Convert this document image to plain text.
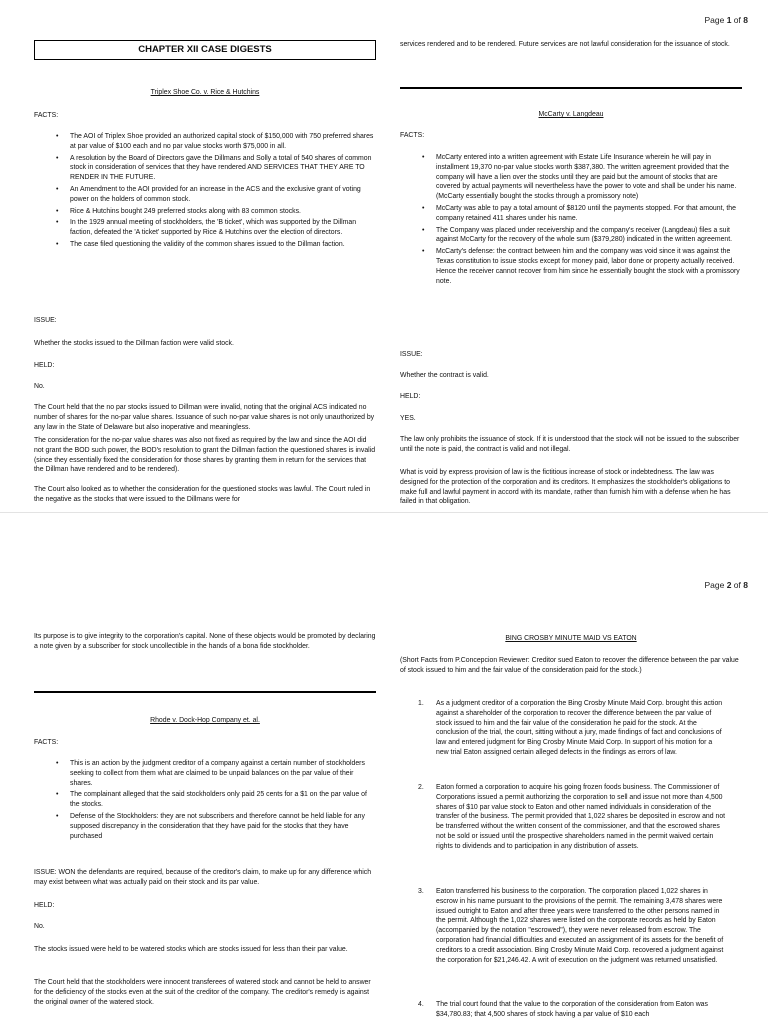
Page 1 of 8
CHAPTER XII CASE DIGESTS
Triplex Shoe Co. v. Rice & Hutchins
FACTS:
• The AOI of Triplex Shoe provided an authorized capital stock of $150,000 with 750 preferred shares at par value of $100 each and no par value stocks worth $75,000 in all.
• A resolution by the Board of Directors gave the Dillmans and Solly a total of 540 shares of common stock in consideration of services that they have rendered AND SERVICES THAT THEY ARE TO RENDER IN THE FUTURE.
• An Amendment to the AOI provided for an increase in the ACS and the exclusive grant of voting power on the holders of common stock.
• Rice & Hutchins bought 249 preferred stocks along with 83 common stocks.
• In the 1929 annual meeting of stockholders, the 'B ticket', which was supported by the Dillman faction, defeated the 'A ticket' supported by Rice & Hutchins over the election of directors.
• The case filed questioning the validity of the common shares issued to the Dillman faction.
ISSUE:
Whether the stocks issued to the Dillman faction were valid stock.
HELD:
No.
The Court held that the no par stocks issued to Dillman were invalid, noting that the original ACS indicated no number of shares for the no-par value shares. Issuance of such no-par value shares is not only unauthorized by any law in the State of Delaware but also inoperative and meaningless.
The consideration for the no-par value shares was also not fixed as required by the law and since the AOI did not grant the BOD such power, the BOD's resolution to grant the Dillman faction the questioned shares is invalid (since they essentially fixed the consideration for those shares by granting them in return for the services that the Dillman have rendered and to be rendered).
The Court also looked as to whether the consideration for the questioned stocks was lawful. The Court ruled in the negative as the stocks that were issued to the Dillmans were for
services rendered and to be rendered. Future services are not lawful consideration for the issuance of stock.
McCarty v. Langdeau
FACTS:
• McCarty entered into a written agreement with Estate Life Insurance wherein he will pay in installment 19,370 no-par value stocks worth $387,380. The written agreement provided that the company will have a lien over the stocks until they are paid but the amount of stocks that are covered by actual payments will nevertheless have the power to vote and shall be under his name. (McCarty essentially bought the stocks through a promissory note)
• McCarty was able to pay a total amount of $8120 until the payments stopped. For that amount, the company retained 411 shares under his name.
• The Company was placed under receivership and the company's receiver (Langdeau) files a suit against McCarty for the recovery of the whole sum ($379,280) indicated in the written agreement.
• McCarty's defense: the contract between him and the company was void since it was against the Texas constitution to issue stocks except for money paid, labor done or property actually received. Hence the receiver cannot recover from him since he essentially bought the stock with a promissory note.
ISSUE:
Whether the contract is valid.
HELD:
YES.
The law only prohibits the issuance of stock. If it is understood that the stock will not be issued to the subscriber until the note is paid, the contract is valid and not illegal.
What is void by express provision of law is the fictitious increase of stock or indebtedness. The law was designed for the protection of the corporation and its creditors. It emphasizes the stockholder's obligations to make full and lawful payment in accord with its mandate, rather than furnish him with a defense when he has failed in that obligation.
Page 2 of 8
Its purpose is to give integrity to the corporation's capital. None of these objects would be promoted by declaring a note given by a subscriber for stock uncollectible in the hands of a bona fide stockholder.
Rhode v. Dock-Hop Company et. al.
FACTS:
• This is an action by the judgment creditor of a company against a certain number of stockholders seeking to collect from them what are claimed to be unpaid balances on the par value of their shares.
• The complainant alleged that the said stockholders only paid 25 cents for a $1 on the par value of the stocks.
• Defense of the Stockholders: they are not subscribers and therefore cannot be held liable for any supposed discrepancy in the consideration that they have paid for the stocks that they have purchased
ISSUE: WON the defendants are required, because of the creditor's claim, to make up for any difference which may exist between what was actually paid on their stock and its par value.
HELD:
No.
The stocks issued were held to be watered stocks which are stocks issued for less than their par value.
The Court held that the stockholders were innocent transferees of watered stock and cannot be held to answer for the deficiency of the stocks even at the suit of the creditor of the company. The creditor's remedy is against the original owner of the watered stock.
BING CROSBY MINUTE MAID VS EATON
(Short Facts from P.Concepcion Reviewer: Creditor sued Eaton to recover the difference between the par value of stock issued to him and the fair value of the consideration paid for the stock.)
1. As a judgment creditor of a corporation the Bing Crosby Minute Maid Corp. brought this action against a shareholder of the corporation to recover the difference between the par value of stock issued to him and the fair value of the consideration he paid for the stock. At the conclusion of the trial, the court, sitting without a jury, made findings of fact and conclusions of law and entered judgment for Bing Crosby Minute Maid Corp. In support of his motion for a new trial Eaton assigned certain alleged defects in the findings as errors of law.
2. Eaton formed a corporation to acquire his going frozen foods business. The Commissioner of Corporations issued a permit authorizing the corporation to sell and issue not more than 4,500 shares of $10 par value stock to Eaton and other named individuals in consideration of the transfer of the business. The permit provided that 1,022 shares be deposited in escrow and not be transferred without the written consent of the commissioner, and that the escrowed shares not be sold or issued until the prospective shareholders named in the permit waived certain rights to dividends and to participation in any distribution of assets.
3. Eaton transferred his business to the corporation. The corporation placed 1,022 shares in escrow in his name pursuant to the provisions of the permit. The remaining 3,478 shares were issued outright to Eaton and after three years were transferred to the other persons named in the permit. Although the 1,022 shares were listed on the corporate records as held by Eaton (accompanied by the notation "escrowed"), they were never released from escrow. The corporation had financial difficulties and executed an assignment of its assets for the benefit of creditors to a credit association. Bing Crosby Minute Maid Corp. recovered a judgment against the corporation for $21,246.42. A writ of execution on the judgment was returned unsatisfied.
4. The trial court found that the value to the corporation of the consideration from Eaton was $34,780.83; that 4,500 shares of stock having a par value of $10 each
